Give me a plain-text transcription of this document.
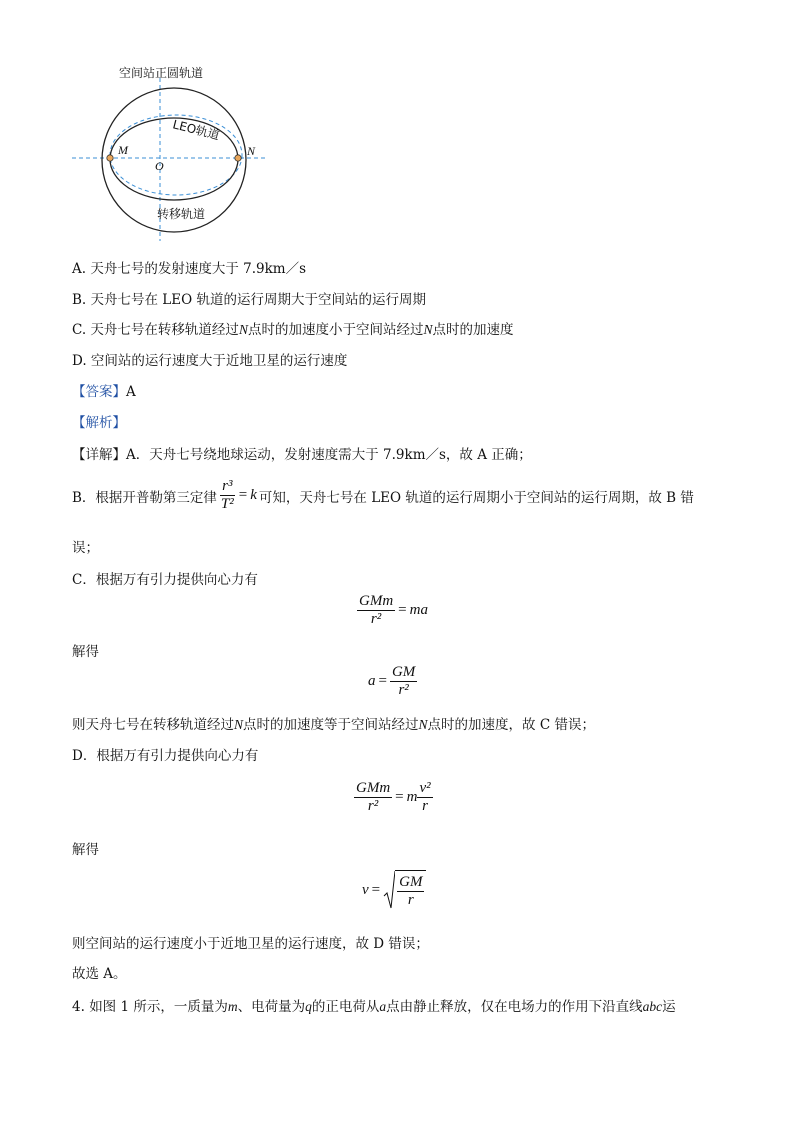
空间站正圆轨道
M	N
O
LEO轨道
转移轨道
A. 天舟七号的发射速度大于 7.9km／s
B. 天舟七号在 LEO 轨道的运行周期大于空间站的运行周期
C. 天舟七号在转移轨道经过N点时的加速度小于空间站经过N点时的加速度
D. 空间站的运行速度大于近地卫星的运行速度
【答案】A
【解析】
【详解】A．天舟七号绕地球运动，发射速度需大于 7.9km／s，故 A 正确；
B．根据开普勒第三定律 $\frac{\text{r³}}{\text{T²}} = k$ 可知，天舟七号在 LEO 轨道的运行周期小于空间站的运行周期，故 B 错
误；
C．根据万有引力提供向心力有
$\frac{\text{GMm}}{\text{r²}}$ = ma
解得
$a = \frac{GM}{\text{r²}}$
则天舟七号在转移轨道经过N点时的加速度等于空间站经过N点时的加速度，故 C 错误；
D．根据万有引力提供向心力有
$\frac{\text{GMm}}{\text{r²}} = m \frac{\text{v²}}{r}$
解得
$v = \frac{GM}{r}$
则空间站的运行速度小于近地卫星的运行速度，故 D 错误；
故选 A。
4. 如图 1 所示，一质量为m、电荷量为q的正电荷从a点由静止释放，仅在电场力的作用下沿直线abc运
